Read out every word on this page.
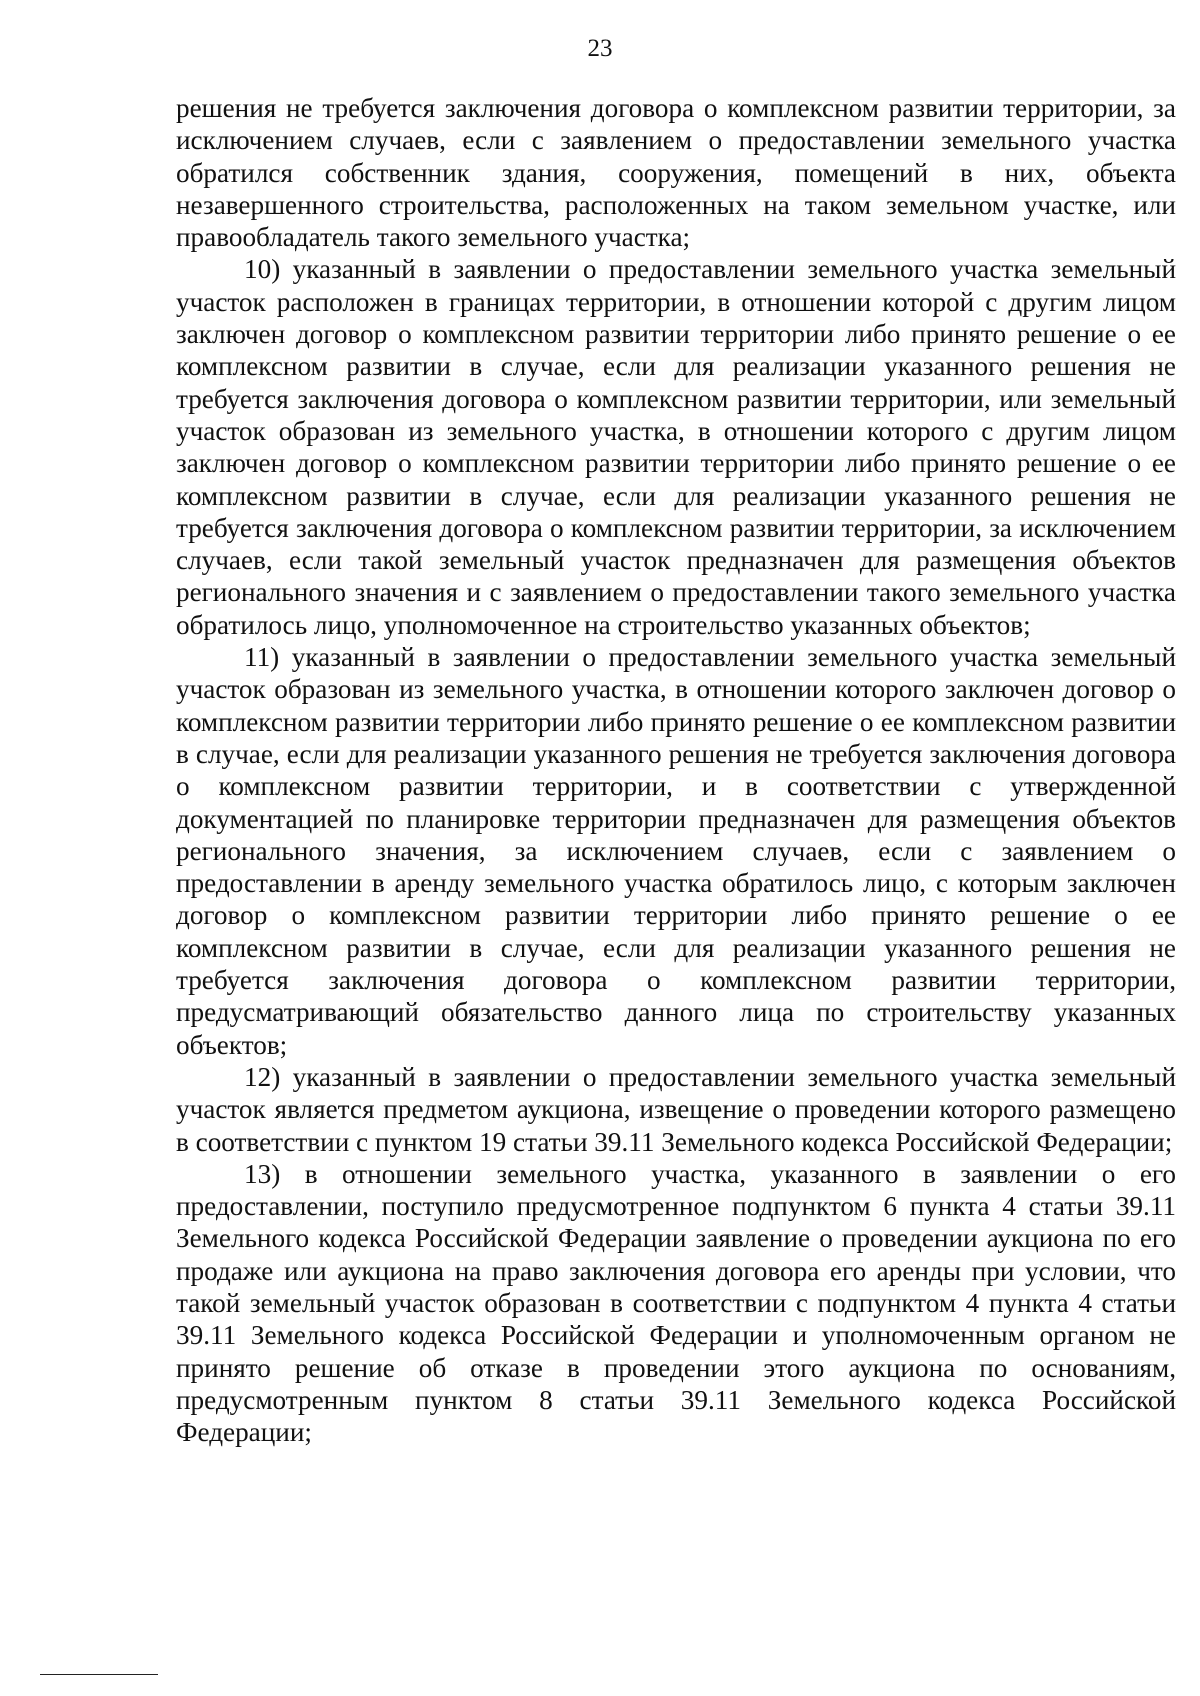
23

решения не требуется заключения договора о комплексном развитии территории, за исключением случаев, если с заявлением о предоставлении земельного участка обратился собственник здания, сооружения, помещений в них, объекта незавершенного строительства, расположенных на таком земельном участке, или правообладатель такого земельного участка;

10) указанный в заявлении о предоставлении земельного участка земельный участок расположен в границах территории, в отношении которой с другим лицом заключен договор о комплексном развитии территории либо принято решение о ее комплексном развитии в случае, если для реализации указанного решения не требуется заключения договора о комплексном развитии территории, или земельный участок образован из земельного участка, в отношении которого с другим лицом заключен договор о комплексном развитии территории либо принято решение о ее комплексном развитии в случае, если для реализации указанного решения не требуется заключения договора о комплексном развитии территории, за исключением случаев, если такой земельный участок предназначен для размещения объектов регионального значения и с заявлением о предоставлении такого земельного участка обратилось лицо, уполномоченное на строительство указанных объектов;

11) указанный в заявлении о предоставлении земельного участка земельный участок образован из земельного участка, в отношении которого заключен договор о комплексном развитии территории либо принято решение о ее комплексном развитии в случае, если для реализации указанного решения не требуется заключения договора о комплексном развитии территории, и в соответствии с утвержденной документацией по планировке территории предназначен для размещения объектов регионального значения, за исключением случаев, если с заявлением о предоставлении в аренду земельного участка обратилось лицо, с которым заключен договор о комплексном развитии территории либо принято решение о ее комплексном развитии в случае, если для реализации указанного решения не требуется заключения договора о комплексном развитии территории, предусматривающий обязательство данного лица по строительству указанных объектов;

12) указанный в заявлении о предоставлении земельного участка земельный участок является предметом аукциона, извещение о проведении которого размещено в соответствии с пунктом 19 статьи 39.11 Земельного кодекса Российской Федерации;

13) в отношении земельного участка, указанного в заявлении о его предоставлении, поступило предусмотренное подпунктом 6 пункта 4 статьи 39.11 Земельного кодекса Российской Федерации заявление о проведении аукциона по его продаже или аукциона на право заключения договора его аренды при условии, что такой земельный участок образован в соответствии с подпунктом 4 пункта 4 статьи 39.11 Земельного кодекса Российской Федерации и уполномоченным органом не принято решение об отказе в проведении этого аукциона по основаниям, предусмотренным пунктом 8 статьи 39.11 Земельного кодекса Российской Федерации;
